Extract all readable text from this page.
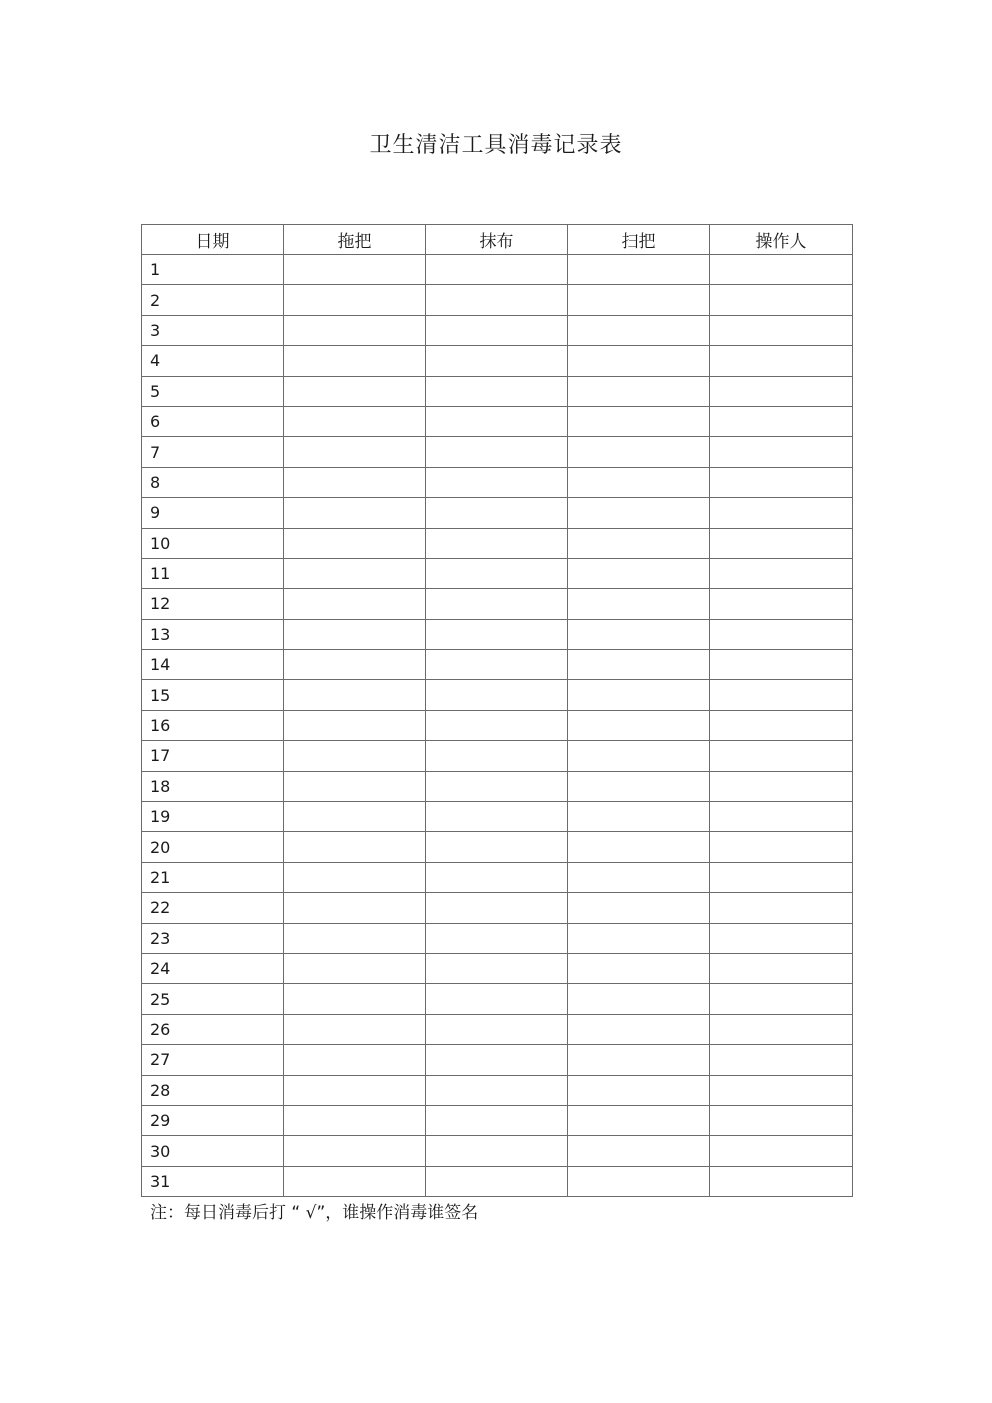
卫生清洁工具消毒记录表
日期	拖把	抹布	扫把	操作人
1				
2				
3				
4				
5				
6				
7				
8				
9				
10				
11				
12				
13				
14				
15				
16				
17				
18				
19				
20				
21				
22				
23				
24				
25				
26				
27				
28				
29				
30				
31				
注：每日消毒后打 “ √”，谁操作消毒谁签名
